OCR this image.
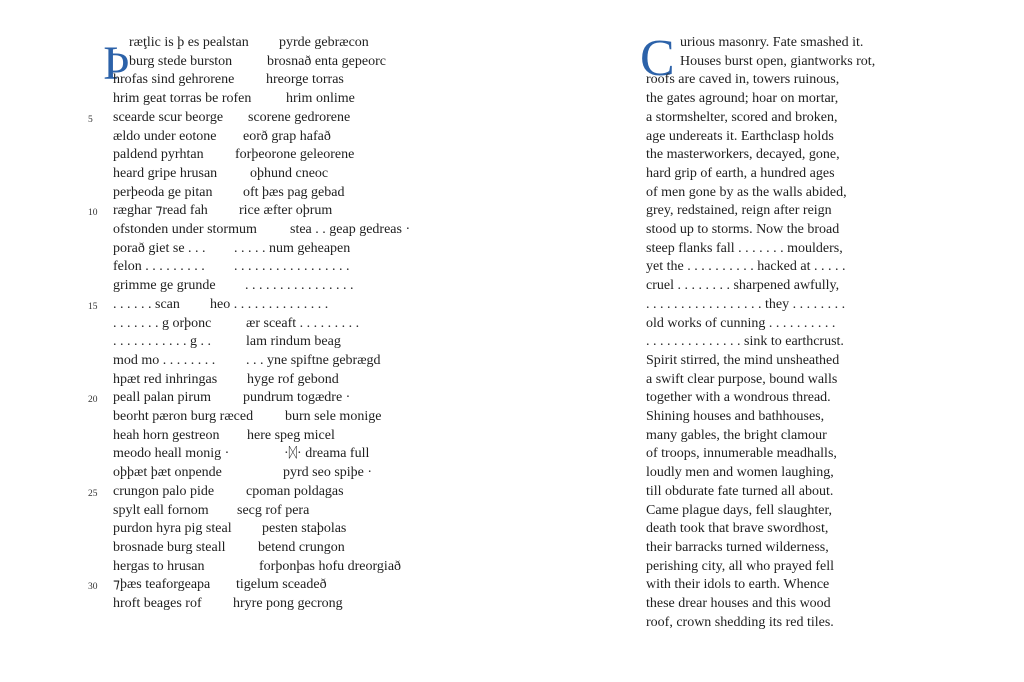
Þ ræţlic is þ es pealstan pyrde gebræcon
burg stede burston brosnað enta gepeorc
hrofas sind gehrorene hreorge torras
hrim geat torras be rofen hrim onlime
scearde scur beorge scorene gedrorene
ældo under eotone eorð grap hafað
paldend pyrhtan forþeorone geleorene
heard gripe hrusan oþhund cneoc
perþeoda ge pitan oft þæs pag gebad
ræghar ⁊read fah rice æfter oþrum
ofstonden under stormum stea . . geap gedreas ·
porað giet se . . . . . . . . num geheapen
felon . . . . . . . . . . . . . . . . . . . . . . . . . .
grimme ge grunde . . . . . . . . . . . . . . . .
. . . . . . scan heo . . . . . . . . . . . . . .
. . . . . . . g orþonc ær sceaft . . . . . . . . .
. . . . . . . . . . . g . .	lam rindum beag
mod mo . . . . . . . . . . . yne spiftne gebrægd
hpæt red inhringas hyge rof gebond
peall palan pirum pundrum togædre ·
beorht pæron burg ræced burn sele monige
heah horn gestreon here speg micel
meodo heall monig ·	·ᛞ· dreama full
oþþæt þæt onpende	pyrd seo spiþe ·
crungon palo pide cpoman poldagas
spylt eall fornom secg rof pera
purdon hyra pig steal pesten staþolas
brosnade burg steall betend crungon
hergas to hrusan	forþonþas hofu dreorgiað
⁊þæs teaforgeapa tigelum sceadeð
hroft beages rof hryre pong gecrong
5
10
15
20
25
30
C urious masonry. Fate smashed it.
Houses burst open, giantworks rot,
roofs are caved in, towers ruinous,
the gates aground; hoar on mortar,
a stormshelter, scored and broken,
age undereats it. Earthclasp holds
the masterworkers, decayed, gone,
hard grip of earth, a hundred ages
of men gone by as the walls abided,
grey, redstained, reign after reign
stood up to storms. Now the broad
steep flanks fall . . . . . . . moulders,
yet the . . . . . . . . . . hacked at . . . . .
cruel . . . . . . . . sharpened awfully,
. . . . . . . . . . . . . . . . . they . . . . . . . .
old works of cunning . . . . . . . . . .
. . . . . . . . . . . . . . sink to earthcrust.
Spirit stirred, the mind unsheathed
a swift clear purpose, bound walls
together with a wondrous thread.
Shining houses and bathhouses,
many gables, the bright clamour
of troops, innumerable meadhalls,
loudly men and women laughing,
till obdurate fate turned all about.
Came plague days, fell slaughter,
death took that brave swordhost,
their barracks turned wilderness,
perishing city, all who prayed fell
with their idols to earth. Whence
these drear houses and this wood
roof, crown shedding its red tiles.
